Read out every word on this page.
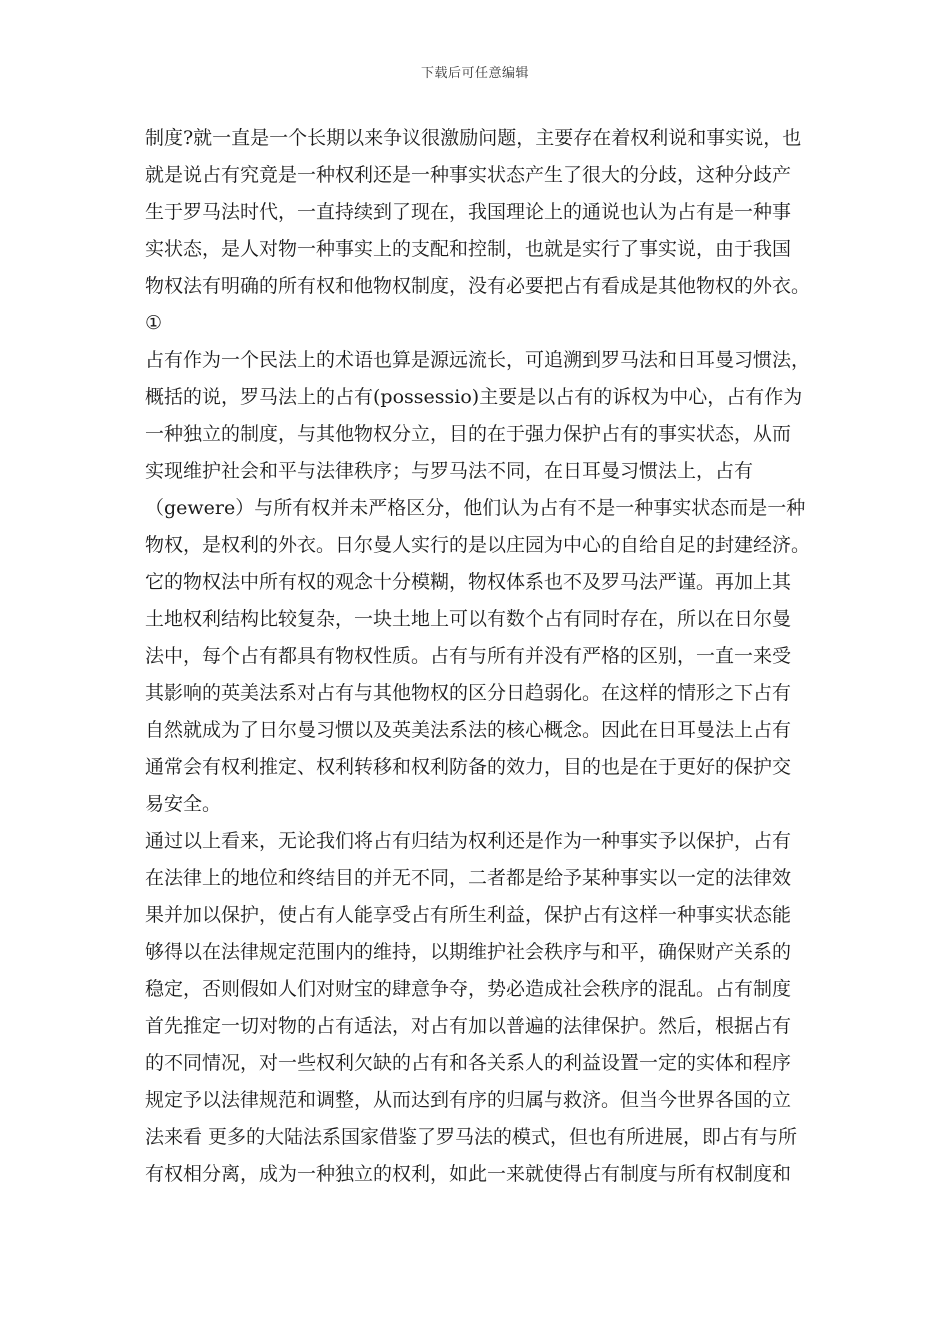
下载后可任意编辑
制度?就一直是一个长期以来争议很激励问题，主要存在着权利说和事实说，也
就是说占有究竟是一种权利还是一种事实状态产生了很大的分歧，这种分歧产
生于罗马法时代，一直持续到了现在，我国理论上的通说也认为占有是一种事
实状态，是人对物一种事实上的支配和控制，也就是实行了事实说，由于我国
物权法有明确的所有权和他物权制度，没有必要把占有看成是其他物权的外衣。
①
占有作为一个民法上的术语也算是源远流长，可追溯到罗马法和日耳曼习惯法，
概括的说，罗马法上的占有(possessio)主要是以占有的诉权为中心，占有作为
一种独立的制度，与其他物权分立，目的在于强力保护占有的事实状态，从而
实现维护社会和平与法律秩序；与罗马法不同，在日耳曼习惯法上，占有
（gewere）与所有权并未严格区分，他们认为占有不是一种事实状态而是一种
物权，是权利的外衣。日尔曼人实行的是以庄园为中心的自给自足的封建经济。
它的物权法中所有权的观念十分模糊，物权体系也不及罗马法严谨。再加上其
土地权利结构比较复杂，一块土地上可以有数个占有同时存在，所以在日尔曼
法中，每个占有都具有物权性质。占有与所有并没有严格的区别，一直一来受
其影响的英美法系对占有与其他物权的区分日趋弱化。在这样的情形之下占有
自然就成为了日尔曼习惯以及英美法系法的核心概念。因此在日耳曼法上占有
通常会有权利推定、权利转移和权利防备的效力，目的也是在于更好的保护交
易安全。
通过以上看来，无论我们将占有归结为权利还是作为一种事实予以保护，占有
在法律上的地位和终结目的并无不同，二者都是给予某种事实以一定的法律效
果并加以保护，使占有人能享受占有所生利益，保护占有这样一种事实状态能
够得以在法律规定范围内的维持，以期维护社会秩序与和平，确保财产关系的
稳定，否则假如人们对财宝的肆意争夺，势必造成社会秩序的混乱。占有制度
首先推定一切对物的占有适法，对占有加以普遍的法律保护。然后，根据占有
的不同情况，对一些权利欠缺的占有和各关系人的利益设置一定的实体和程序
规定予以法律规范和调整，从而达到有序的归属与救济。但当今世界各国的立
法来看 更多的大陆法系国家借鉴了罗马法的模式，但也有所进展，即占有与所
有权相分离，成为一种独立的权利，如此一来就使得占有制度与所有权制度和
